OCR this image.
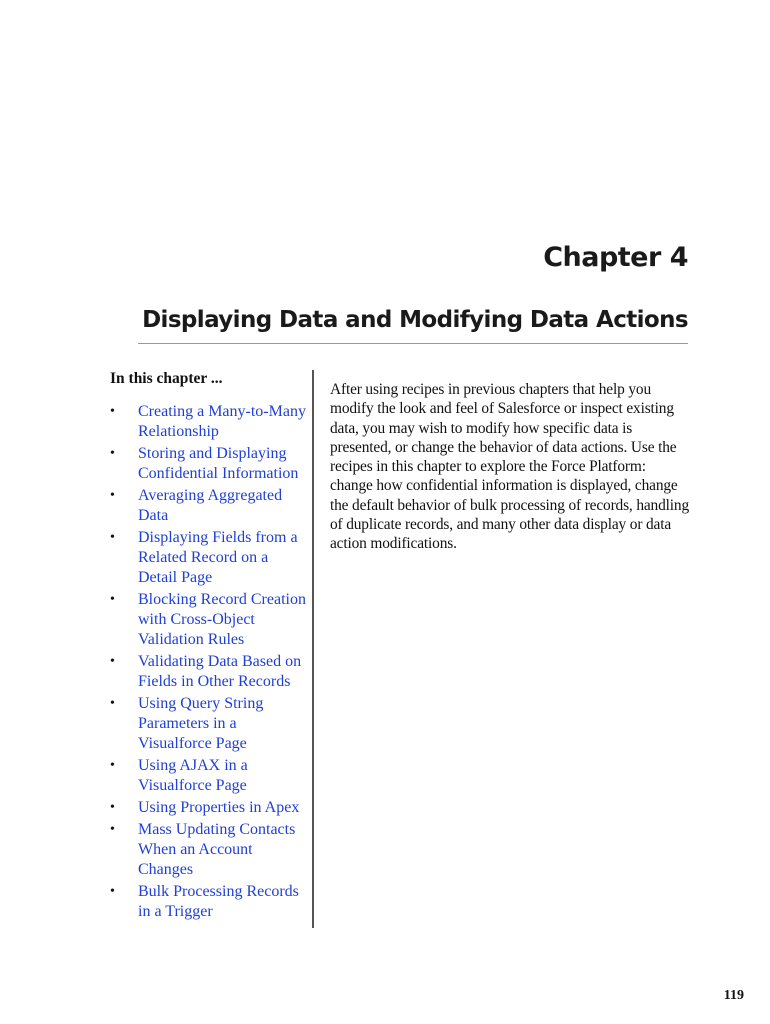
Chapter 4
Displaying Data and Modifying Data Actions
In this chapter ...
• Creating a Many-to-Many Relationship
• Storing and Displaying Confidential Information
• Averaging Aggregated Data
• Displaying Fields from a Related Record on a Detail Page
• Blocking Record Creation with Cross-Object Validation Rules
• Validating Data Based on Fields in Other Records
• Using Query String Parameters in a Visualforce Page
• Using AJAX in a Visualforce Page
• Using Properties in Apex
• Mass Updating Contacts When an Account Changes
• Bulk Processing Records in a Trigger

After using recipes in previous chapters that help you modify the look and feel of Salesforce or inspect existing data, you may wish to modify how specific data is presented, or change the behavior of data actions. Use the recipes in this chapter to explore the Force Platform: change how confidential information is displayed, change the default behavior of bulk processing of records, handling of duplicate records, and many other data display or data action modifications.

119
